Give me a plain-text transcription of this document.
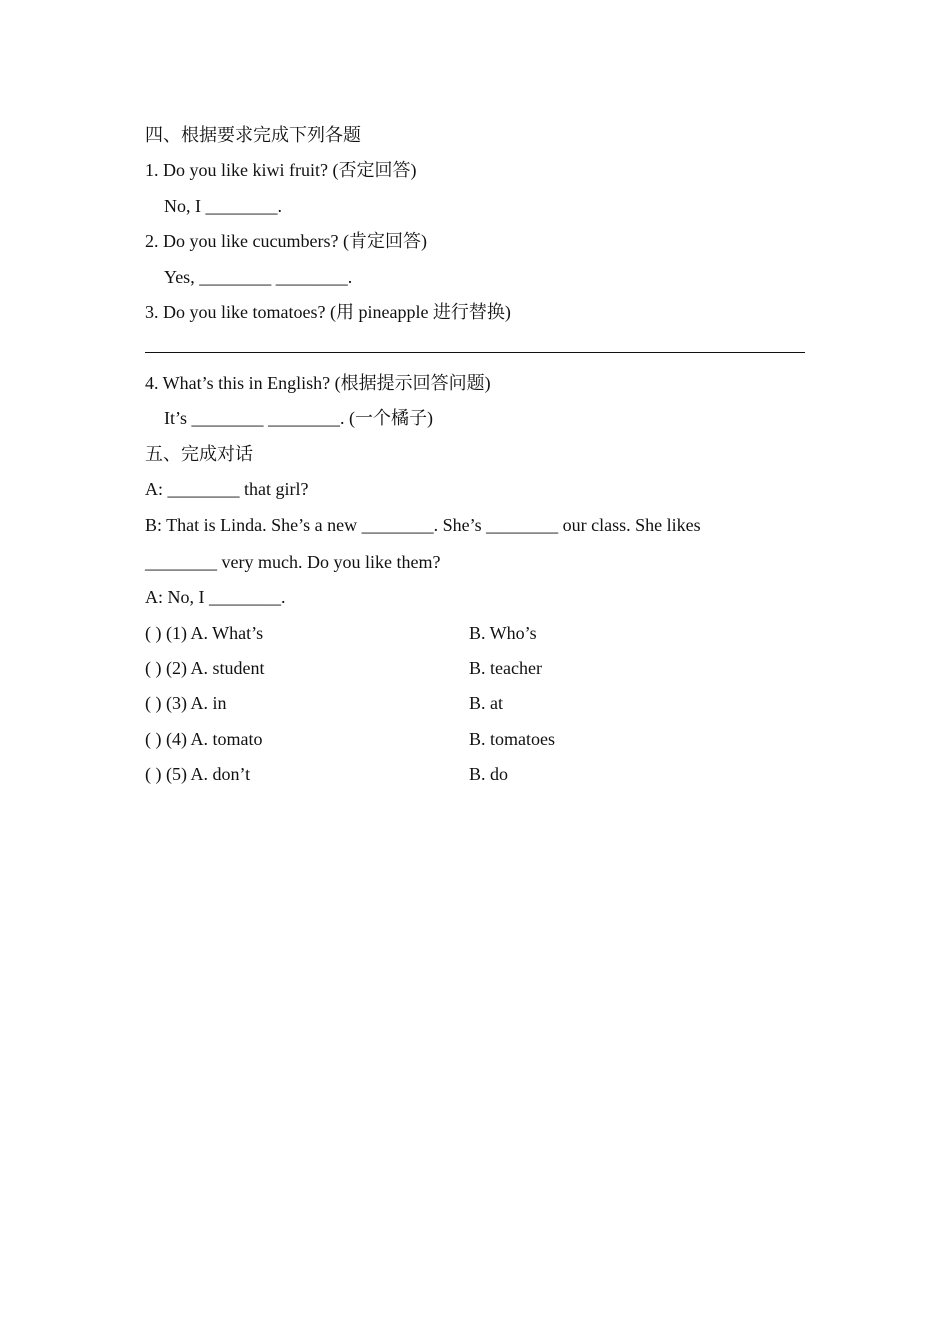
四、根据要求完成下列各题
1. Do you like kiwi fruit? (否定回答)
No, I ________.
2. Do you like cucumbers? (肯定回答)
Yes, ________ ________.
3. Do you like tomatoes? (用 pineapple 进行替换)
4. What’s this in English? (根据提示回答问题)
It’s ________ ________. (一个橘子)
五、完成对话
A: ________ that girl?
B: That is Linda. She’s a new ________. She’s ________ our class. She likes
________ very much. Do you like them?
A: No, I ________.
( ) (1) A. What’s	B. Who’s
( ) (2) A. student	B. teacher
( ) (3) A. in	B. at
( ) (4) A. tomato	B. tomatoes
( ) (5) A. don’t	B. do
